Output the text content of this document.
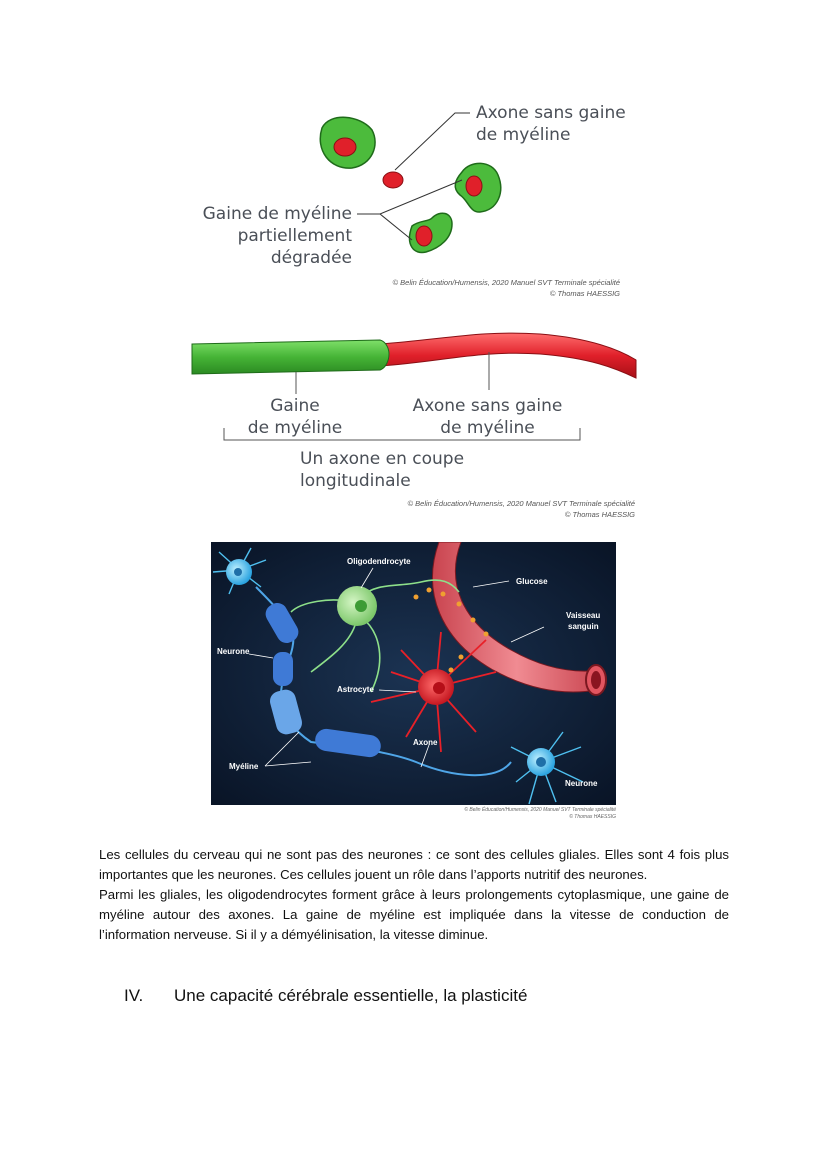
Axone sans gaine
de myéline
Gaine de myéline
partiellement
dégradée
© Belin Éducation/Humensis, 2020 Manuel SVT Terminale spécialité
© Thomas HAESSIG
Gaine
de myéline
Axone sans gaine
de myéline
Un axone en coupe
longitudinale
© Belin Éducation/Humensis, 2020 Manuel SVT Terminale spécialité
© Thomas HAESSIG
Oligodendrocyte
Glucose
Vaisseau
sanguin
Neurone
Astrocyte
Axone
Myéline
Neurone
© Belin Éducation/Humensis, 2020 Manuel SVT Terminale spécialité
© Thomas HAESSIG

Les cellules du cerveau qui ne sont pas des neurones : ce sont des cellules gliales. Elles sont 4 fois plus importantes que les neurones. Ces cellules jouent un rôle dans l’apports nutritif des neurones.

Parmi les gliales, les oligodendrocytes forment grâce à leurs prolongements cytoplasmique, une gaine de myéline autour des axones. La gaine de myéline est impliquée dans la vitesse de conduction de l’information nerveuse. Si il y a démyélinisation, la vitesse diminue.

IV. Une capacité cérébrale essentielle, la plasticité
